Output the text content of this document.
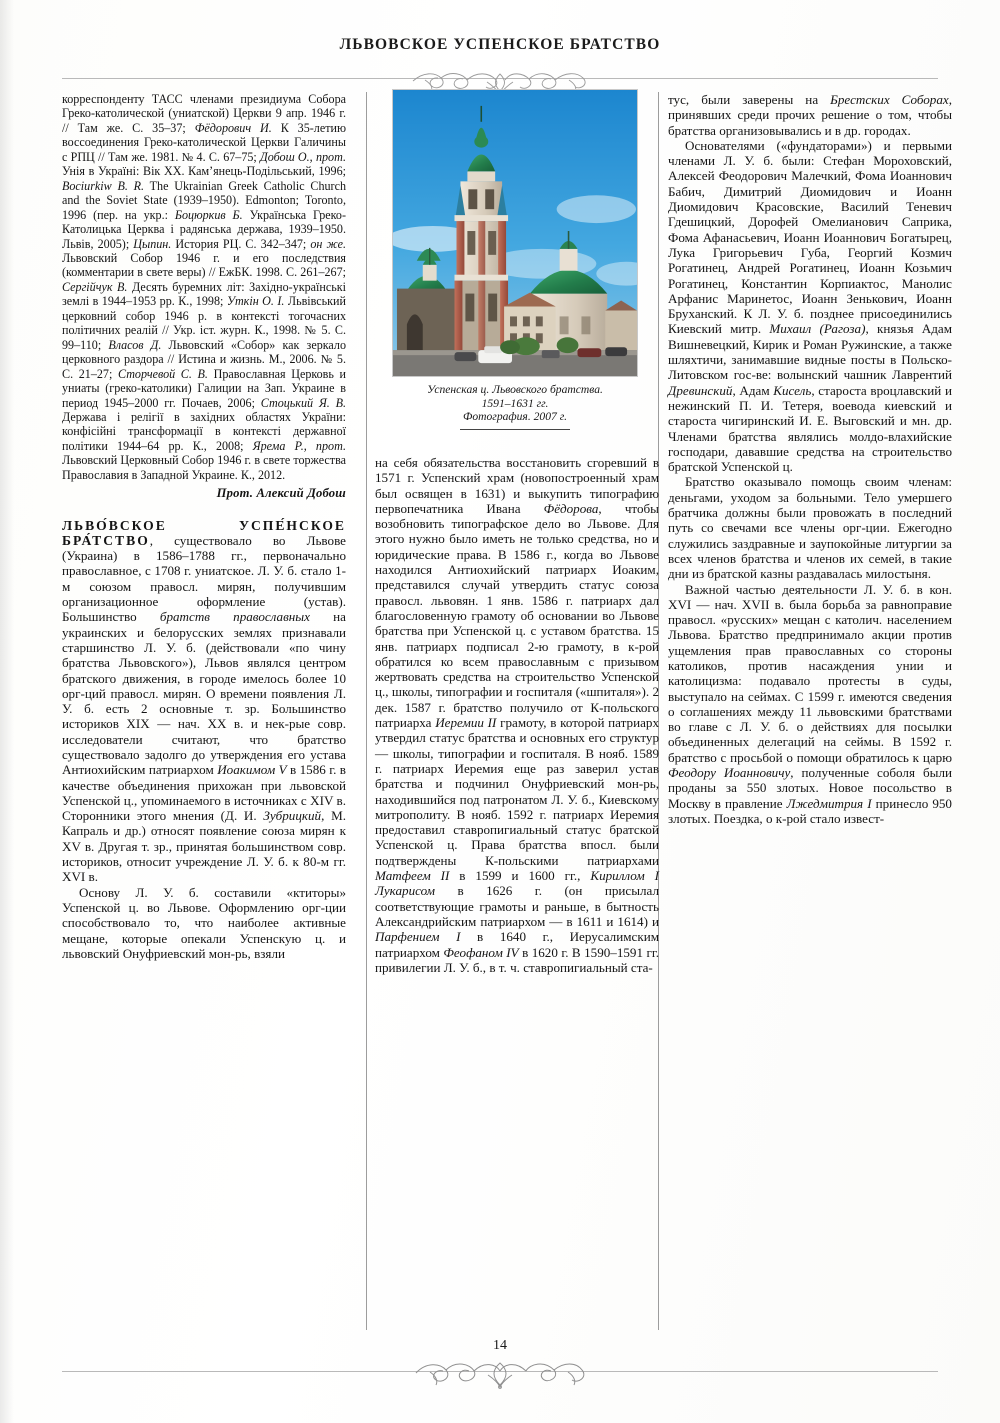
ЛЬВОВСКОЕ УСПЕНСКОЕ БРАТСТВО
корреспонденту ТАСС членами президиума Собора Греко-католической (униатской) Церкви 9 апр. 1946 г. // Там же. С. 35–37; Фёдорович И. К 35-летию воссоединения Греко-католической Церкви Галичины с РПЦ // Там же. 1981. № 4. С. 67–75; Добош О., прот. Унія в Україні: Вік XX. Кам’янець-Подільський, 1996; Bociurkiw B. R. The Ukrainian Greek Catholic Church and the Soviet State (1939–1950). Edmonton; Toronto, 1996 (пер. на укр.: Боцюркив Б. Українська Греко-Католицька Церква і радянська держава, 1939–1950. Львів, 2005); Цыпин. История РЦ. С. 342–347; он же. Львовский Собор 1946 г. и его последствия (комментарии в свете веры) // ЕжБК. 1998. С. 261–267; Сергійчук В. Десять буремних літ: Західно-українські землі в 1944–1953 рр. К., 1998; Уткін О. І. Львівський церковний собор 1946 р. в контексті тогочасних політичних реалій // Укр. іст. журн. К., 1998. № 5. С. 99–110; Власов Д. Львовский «Собор» как зеркало церковного раздора // Истина и жизнь. М., 2006. № 5. С. 21–27; Сторчевой С. В. Православная Церковь и униаты (греко-католики) Галиции на Зап. Украине в период 1945–2000 гг. Почаев, 2006; Стоцький Я. В. Держава і релігії в західних областях України: конфісійні трансформації в контексті державної політики 1944–64 рр. К., 2008; Ярема Р., прот. Львовский Церковный Собор 1946 г. в свете торжества Православия в Западной Украине. К., 2012.
Прот. Алексий Добош

ЛЬВО́ВСКОЕ  УСПЕ́НСКОЕ БРА́ТСТВО, существовало во Львове (Украина) в 1586–1788 гг., первоначально православное, с 1708 г. униатское. Л. У. б. стало 1-м союзом правосл. мирян, получившим организационное оформление (устав). Большинство братств православных на украинских и белорусских землях признавали старшинство Л. У. б. (действовали «по чину братства Львовского»), Львов являлся центром братского движения, в городе имелось более 10 орг-ций правосл. мирян. О времени появления Л. У. б. есть 2 основные т. зр. Большинство историков XIX — нач. XX в. и нек-рые совр. исследователи считают, что братство существовало задолго до утверждения его устава Антиохийским патриархом Иоакимом V в 1586 г. в качестве объединения прихожан при львовской Успенской ц., упоминаемого в источниках с XIV в. Сторонники этого мнения (Д. И. Зубрицкий, М. Капраль и др.) относят появление союза мирян к XV в. Другая т. зр., принятая большинством совр. историков, относит учреждение Л. У. б. к 80-м гг. XVI в.

Основу Л. У. б. составили «ктиторы» Успенской ц. во Львове. Оформлению орг-ции способствовало то, что наиболее активные мещане, которые опекали Успенскую ц. и львовский Онуфриевский мон-рь, взяли

Успенская ц. Львовского братства.
1591–1631 гг.
Фотография. 2007 г.

на себя обязательства восстановить сгоревший в 1571 г. Успенский храм (новопостроенный храм был освящен в 1631) и выкупить типографию первопечатника Ивана Фёдорова, чтобы возобновить типографское дело во Львове. Для этого нужно было иметь не только средства, но и юридические права. В 1586 г., когда во Львове находился Антиохийский патриарх Иоаким, представился случай утвердить статус союза правосл. львовян. 1 янв. 1586 г. патриарх дал благословенную грамоту об основании во Львове братства при Успенской ц. с уставом братства. 15 янв. патриарх подписал 2-ю грамоту, в к-рой обратился ко всем православным с призывом жертвовать средства на строительство Успенской ц., школы, типографии и госпиталя («шпиталя»). 2 дек. 1587 г. братство получило от К-польского патриарха Иеремии II грамоту, в которой патриарх утвердил статус братства и основных его структур — школы, типографии и госпиталя. В нояб. 1589 г. патриарх Иеремия еще раз заверил устав братства и подчинил Онуфриевский мон-рь, находившийся под патронатом Л. У. б., Киевскому митрополиту. В нояб. 1592 г. патриарх Иеремия предоставил ставропигиальный статус братской Успенской ц. Права братства впосл. были подтверждены К-польскими патриархами Матфеем II в 1599 и 1600 гг., Кириллом I Лукарисом в 1626 г. (он присылал соответствующие грамоты и раньше, в бытность Александрийским патриархом — в 1611 и 1614) и Парфением I в 1640 г., Иерусалимским патриархом Феофаном IV в 1620 г. В 1590–1591 гг. привилегии Л. У. б., в т. ч. ставропигиальный ста-

тус, были заверены на Брестских Соборах, принявших среди прочих решение о том, чтобы братства организовывались и в др. городах.

Основателями («фундаторами») и первыми членами Л. У. б. были: Стефан Мороховский, Алексей Феодорович Малечкий, Фома Иоаннович Бабич, Димитрий Диомидович и Иоанн Диомидович Красовские, Василий Теневич Гдешицкий, Дорофей Омелианович Саприка, Фома Афанасьевич, Иоанн Иоаннович Богатырец, Лука Григорьевич Губа, Георгий Козмич Рогатинец, Андрей Рогатинец, Иоанн Козьмич Рогатинец, Константин Корпиактос, Манолис Арфанис Маринетос, Иоанн Зенькович, Иоанн Бруханский. К Л. У. б. позднее присоединились Киевский митр. Михаил (Рагоза), князья Адам Вишневецкий, Кирик и Роман Ружинские, а также шляхтичи, занимавшие видные посты в Польско-Литовском гос-ве: волынский чашник Лаврентий Древинский, Адам Кисель, староста вроцлавский и нежинский П. И. Тетеря, воевода киевский и староста чигиринский И. Е. Выговский и мн. др. Членами братства являлись молдо-влахийские господари, дававшие средства на строительство братской Успенской ц.

Братство оказывало помощь своим членам: деньгами, уходом за больными. Тело умершего братчика должны были провожать в последний путь со свечами все члены орг-ции. Ежегодно служились заздравные и заупокойные литургии за всех членов братства и членов их семей, в такие дни из братской казны раздавалась милостыня.

Важной частью деятельности Л. У. б. в кон. XVI — нач. XVII в. была борьба за равноправие правосл. «русских» мещан с католич. населением Львова. Братство предпринимало акции против ущемления прав православных со стороны католиков, против насаждения унии и католицизма: подавало протесты в суды, выступало на сеймах. С 1599 г. имеются сведения о соглашениях между 11 львовскими братствами во главе с Л. У. б. о действиях для посылки объединенных делегаций на сеймы. В 1592 г. братство с просьбой о помощи обратилось к царю Феодору Иоанновичу, полученные соболя были проданы за 550 злотых. Новое посольство в Москву в правление Лжедмитрия I принесло 950 злотых. Поездка, о к-рой стало извест-

14
